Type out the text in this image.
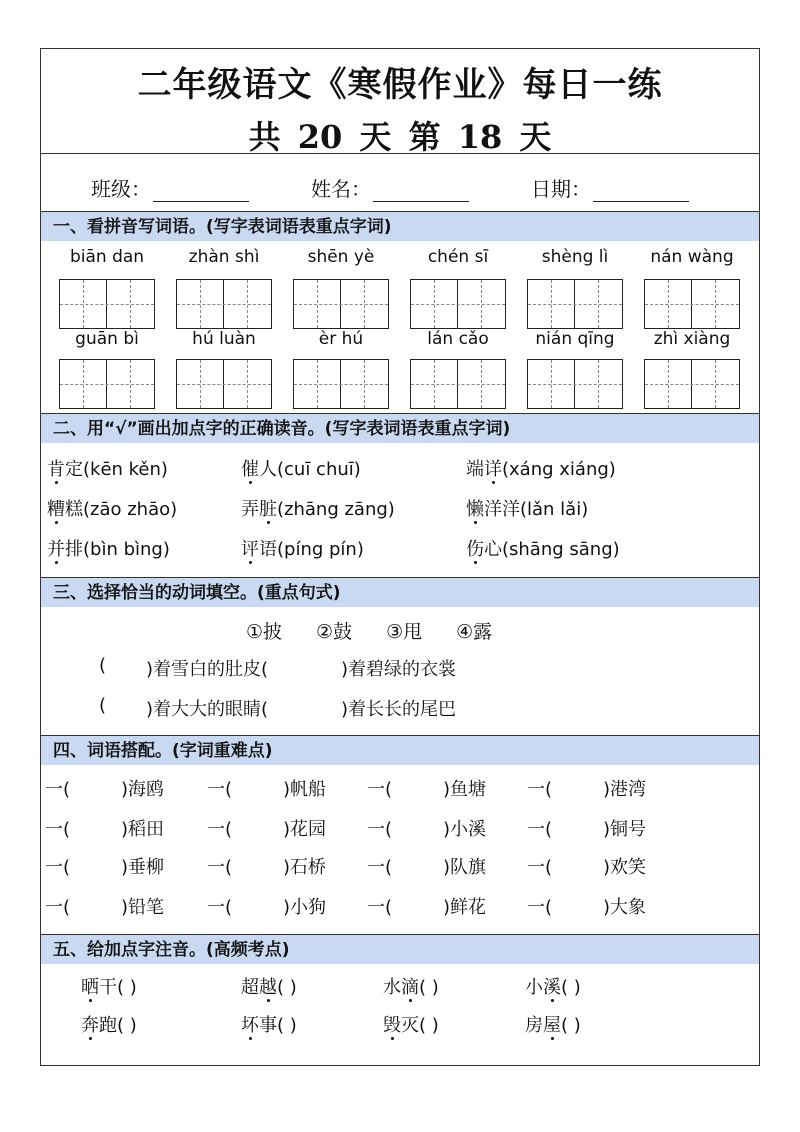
二年级语文《寒假作业》每日一练
共 20 天 第 18 天
班级：	姓名：	日期：
一、看拼音写词语。(写字表词语表重点字词)
biān dan	zhàn shì	shēn yè	chén sī	shèng lì	nán wàng
guān bì	hú luàn	èr hú	lán cǎo	nián qīng	zhì xiàng
二、用“√”画出加点字的正确读音。(写字表词语表重点字词)
肯定(kēn kěn)	催人(cuī chuī)	端详(xáng xiáng)
糟糕(zāo zhāo)	弄脏(zhāng zāng)	懒洋洋(lǎn lǎi)
并排(bìn bìng)	评语(píng pín)	伤心(shāng sāng)
三、选择恰当的动词填空。(重点句式)
①披 ②鼓 ③甩 ④露
( )着雪白的肚皮(	)着碧绿的衣裳
( )着大大的眼睛(	)着长长的尾巴
四、词语搭配。(字词重难点)
一(	)海鸥 一(	)帆船 一(	)鱼塘 一(	)港湾
一(	)稻田 一(	)花园 一(	)小溪 一(	)铜号
一(	)垂柳 一(	)石桥 一(	)队旗 一(	)欢笑
一(	)铅笔 一(	)小狗 一(	)鲜花 一(	)大象
五、给加点字注音。(高频考点)
晒干( )	超越( )	水滴( )	小溪( )
奔跑( )	坏事( )	毁灭( )	房屋( )
